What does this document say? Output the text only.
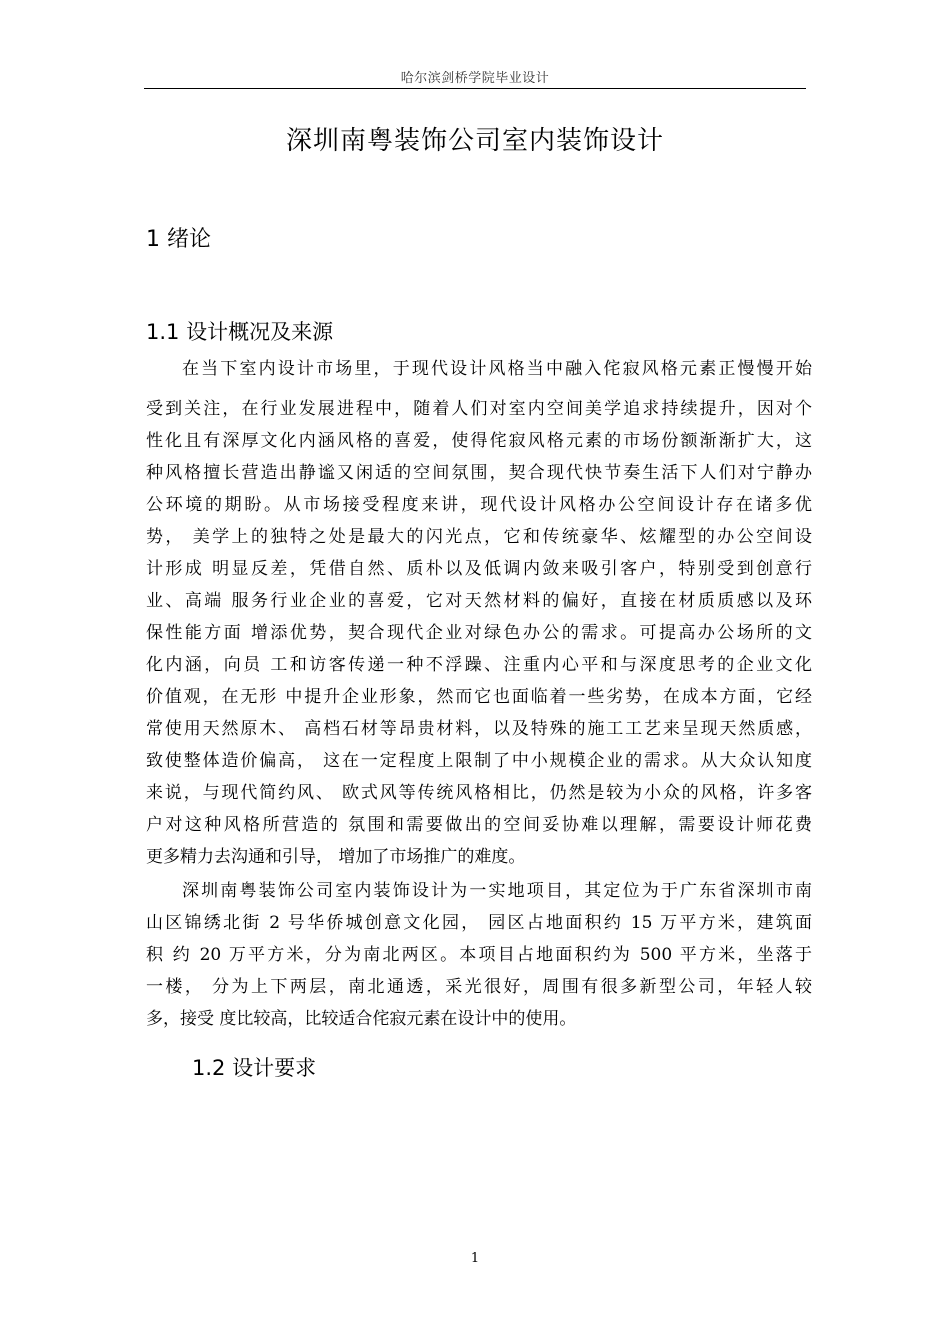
哈尔滨剑桥学院毕业设计
深圳南粤装饰公司室内装饰设计
1 绪论
1.1 设计概况及来源
在当下室内设计市场里，于现代设计风格当中融入侘寂风格元素正慢慢开始
受到关注，在行业发展进程中，随着人们对室内空间美学追求持续提升，因对个
性化且有深厚文化内涵风格的喜爱，使得侘寂风格元素的市场份额渐渐扩大，这
种风格擅长营造出静谧又闲适的空间氛围，契合现代快节奏生活下人们对宁静办
公环境的期盼。从市场接受程度来讲，现代设计风格办公空间设计存在诸多优
势， 美学上的独特之处是最大的闪光点，它和传统豪华、炫耀型的办公空间设
计形成 明显反差，凭借自然、质朴以及低调内敛来吸引客户，特别受到创意行
业、高端 服务行业企业的喜爱，它对天然材料的偏好，直接在材质质感以及环
保性能方面 增添优势，契合现代企业对绿色办公的需求。可提高办公场所的文
化内涵，向员 工和访客传递一种不浮躁、注重内心平和与深度思考的企业文化
价值观，在无形 中提升企业形象，然而它也面临着一些劣势，在成本方面，它经
常使用天然原木、 高档石材等昂贵材料，以及特殊的施工工艺来呈现天然质感，
致使整体造价偏高， 这在一定程度上限制了中小规模企业的需求。从大众认知度
来说，与现代简约风、 欧式风等传统风格相比，仍然是较为小众的风格，许多客
户对这种风格所营造的 氛围和需要做出的空间妥协难以理解，需要设计师花费
更多精力去沟通和引导， 增加了市场推广的难度。
深圳南粤装饰公司室内装饰设计为一实地项目，其定位为于广东省深圳市南
山区锦绣北街 2 号华侨城创意文化园， 园区占地面积约 15 万平方米，建筑面
积 约 20 万平方米，分为南北两区。本项目占地面积约为 500 平方米，坐落于
一楼， 分为上下两层，南北通透，采光很好，周围有很多新型公司，年轻人较
多，接受 度比较高，比较适合侘寂元素在设计中的使用。
1.2 设计要求
1
